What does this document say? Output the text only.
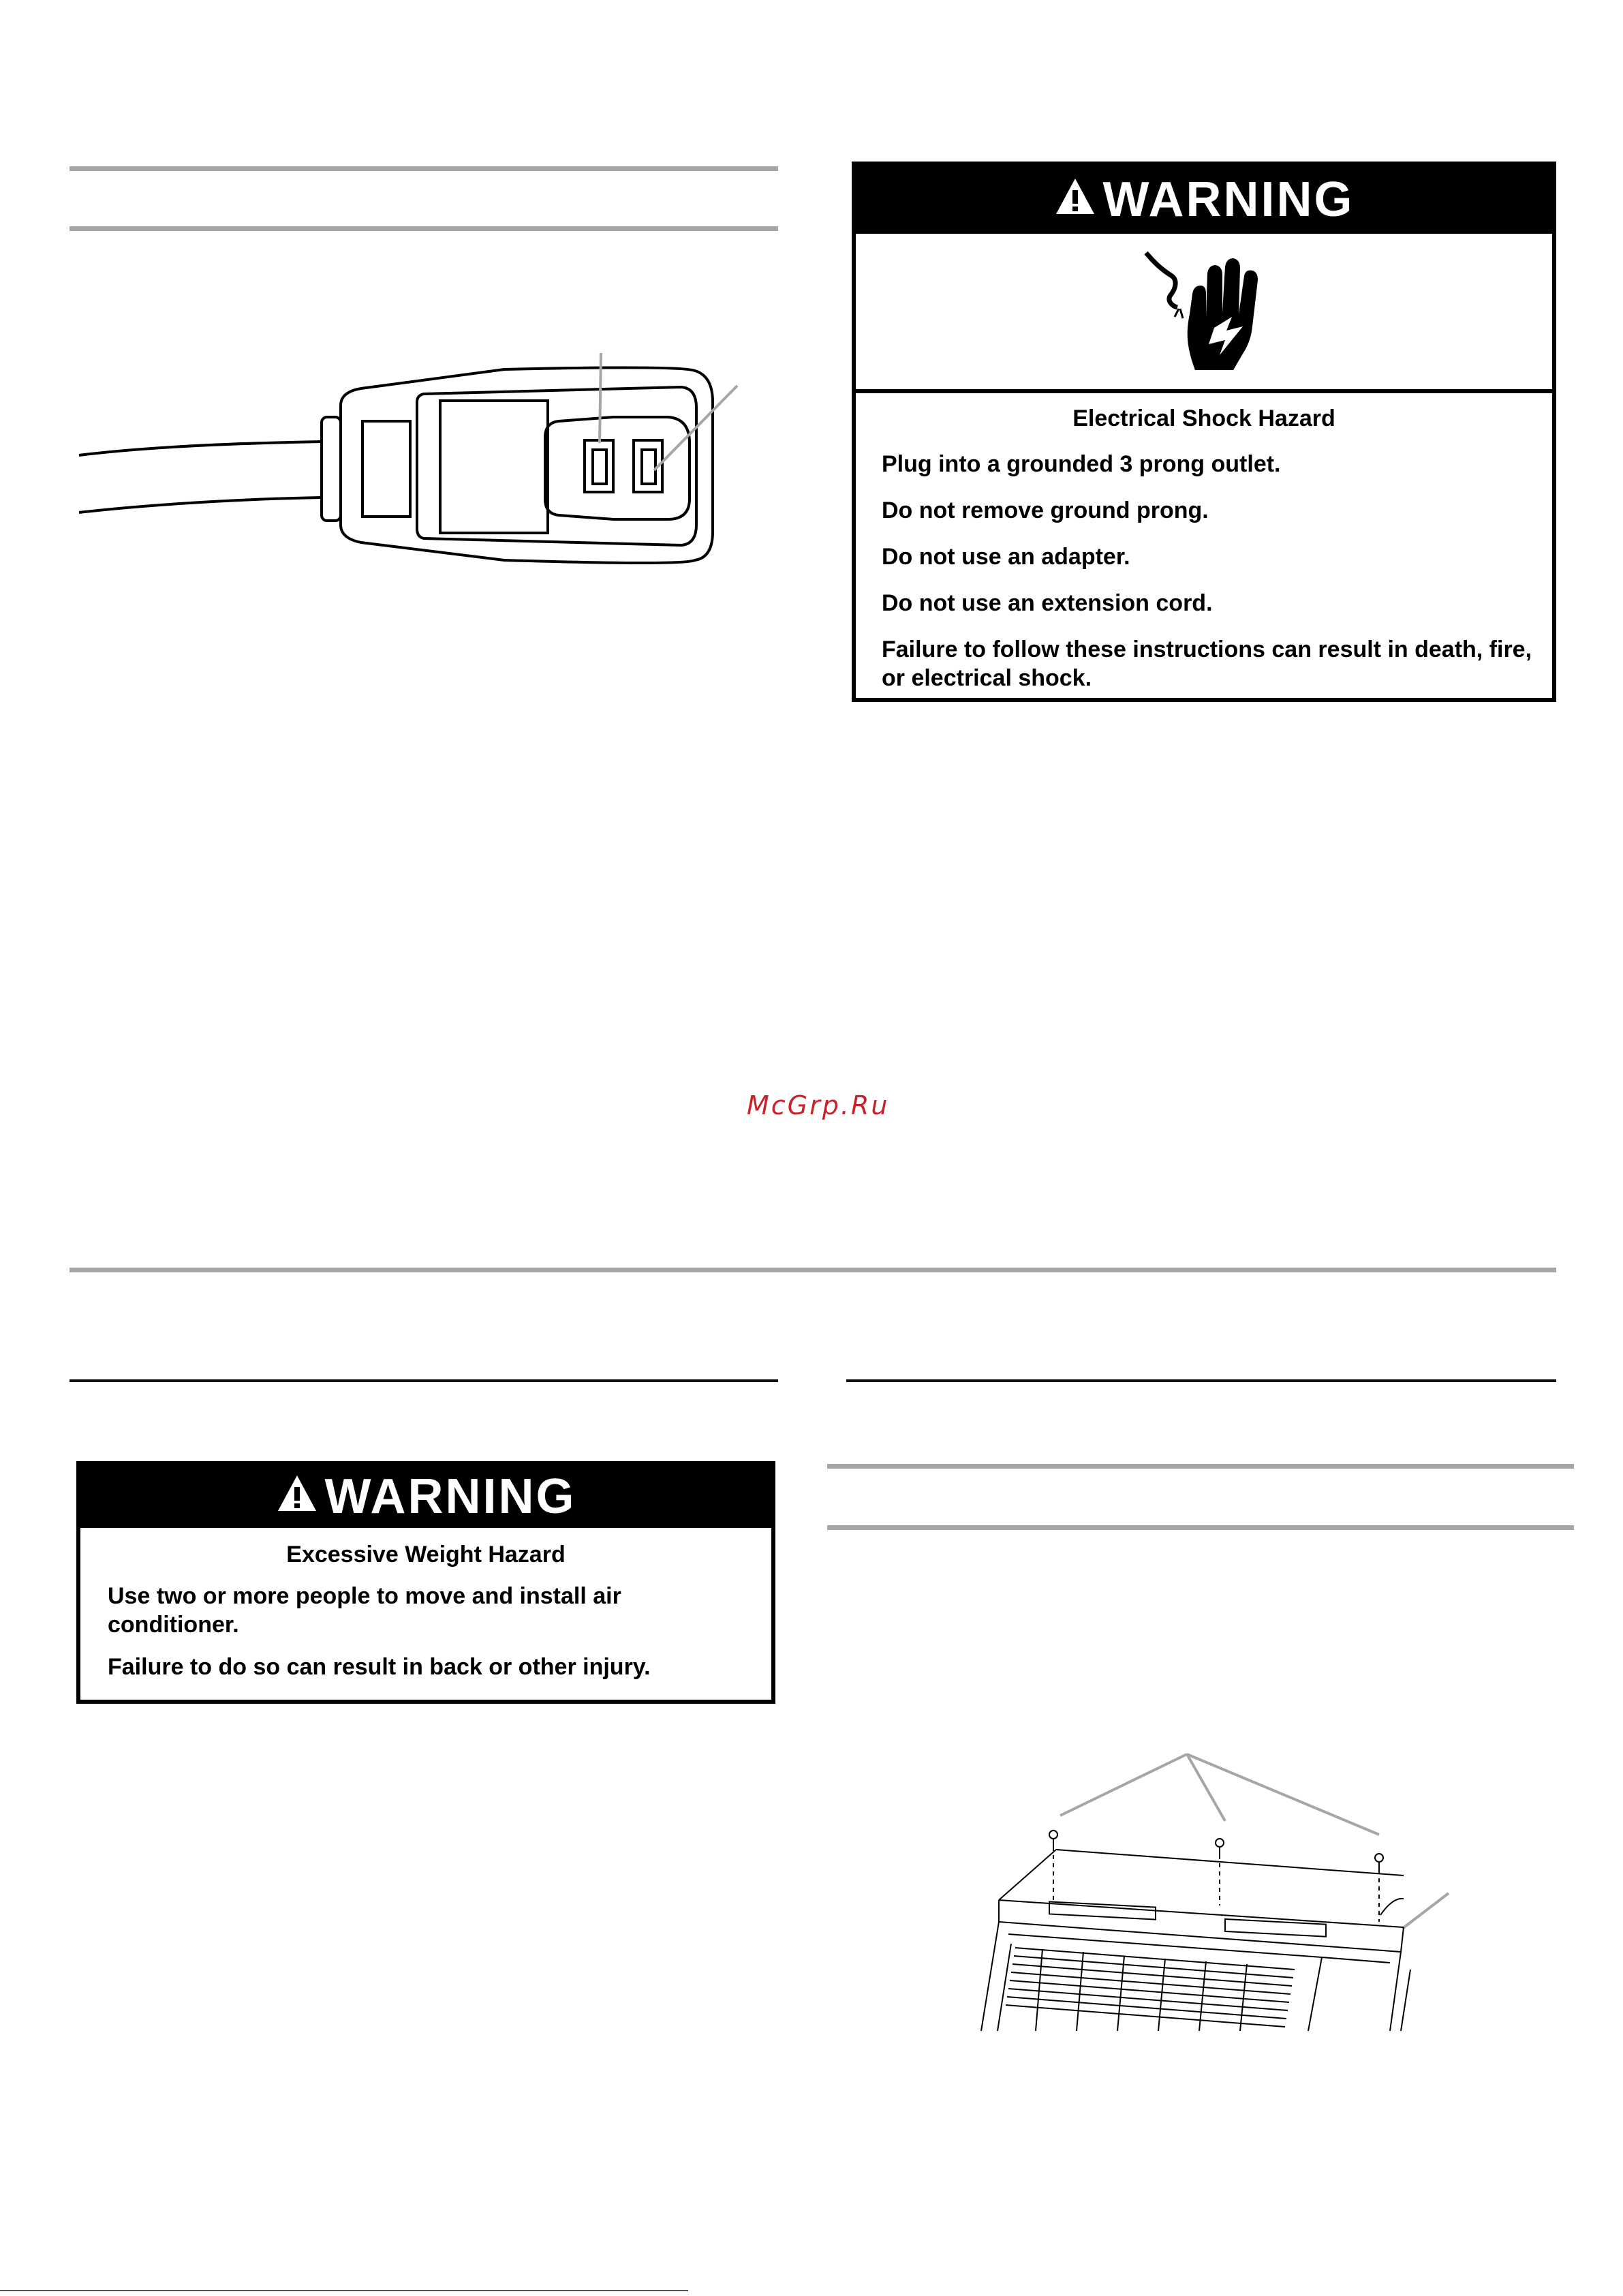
WARNING
Electrical Shock Hazard
Plug into a grounded 3 prong outlet.
Do not remove ground prong.
Do not use an adapter.
Do not use an extension cord.
Failure to follow these instructions can result in death, fire, or electrical shock.
McGrp.Ru
WARNING
Excessive Weight Hazard
Use two or more people to move and install air conditioner.
Failure to do so can result in back or other injury.
